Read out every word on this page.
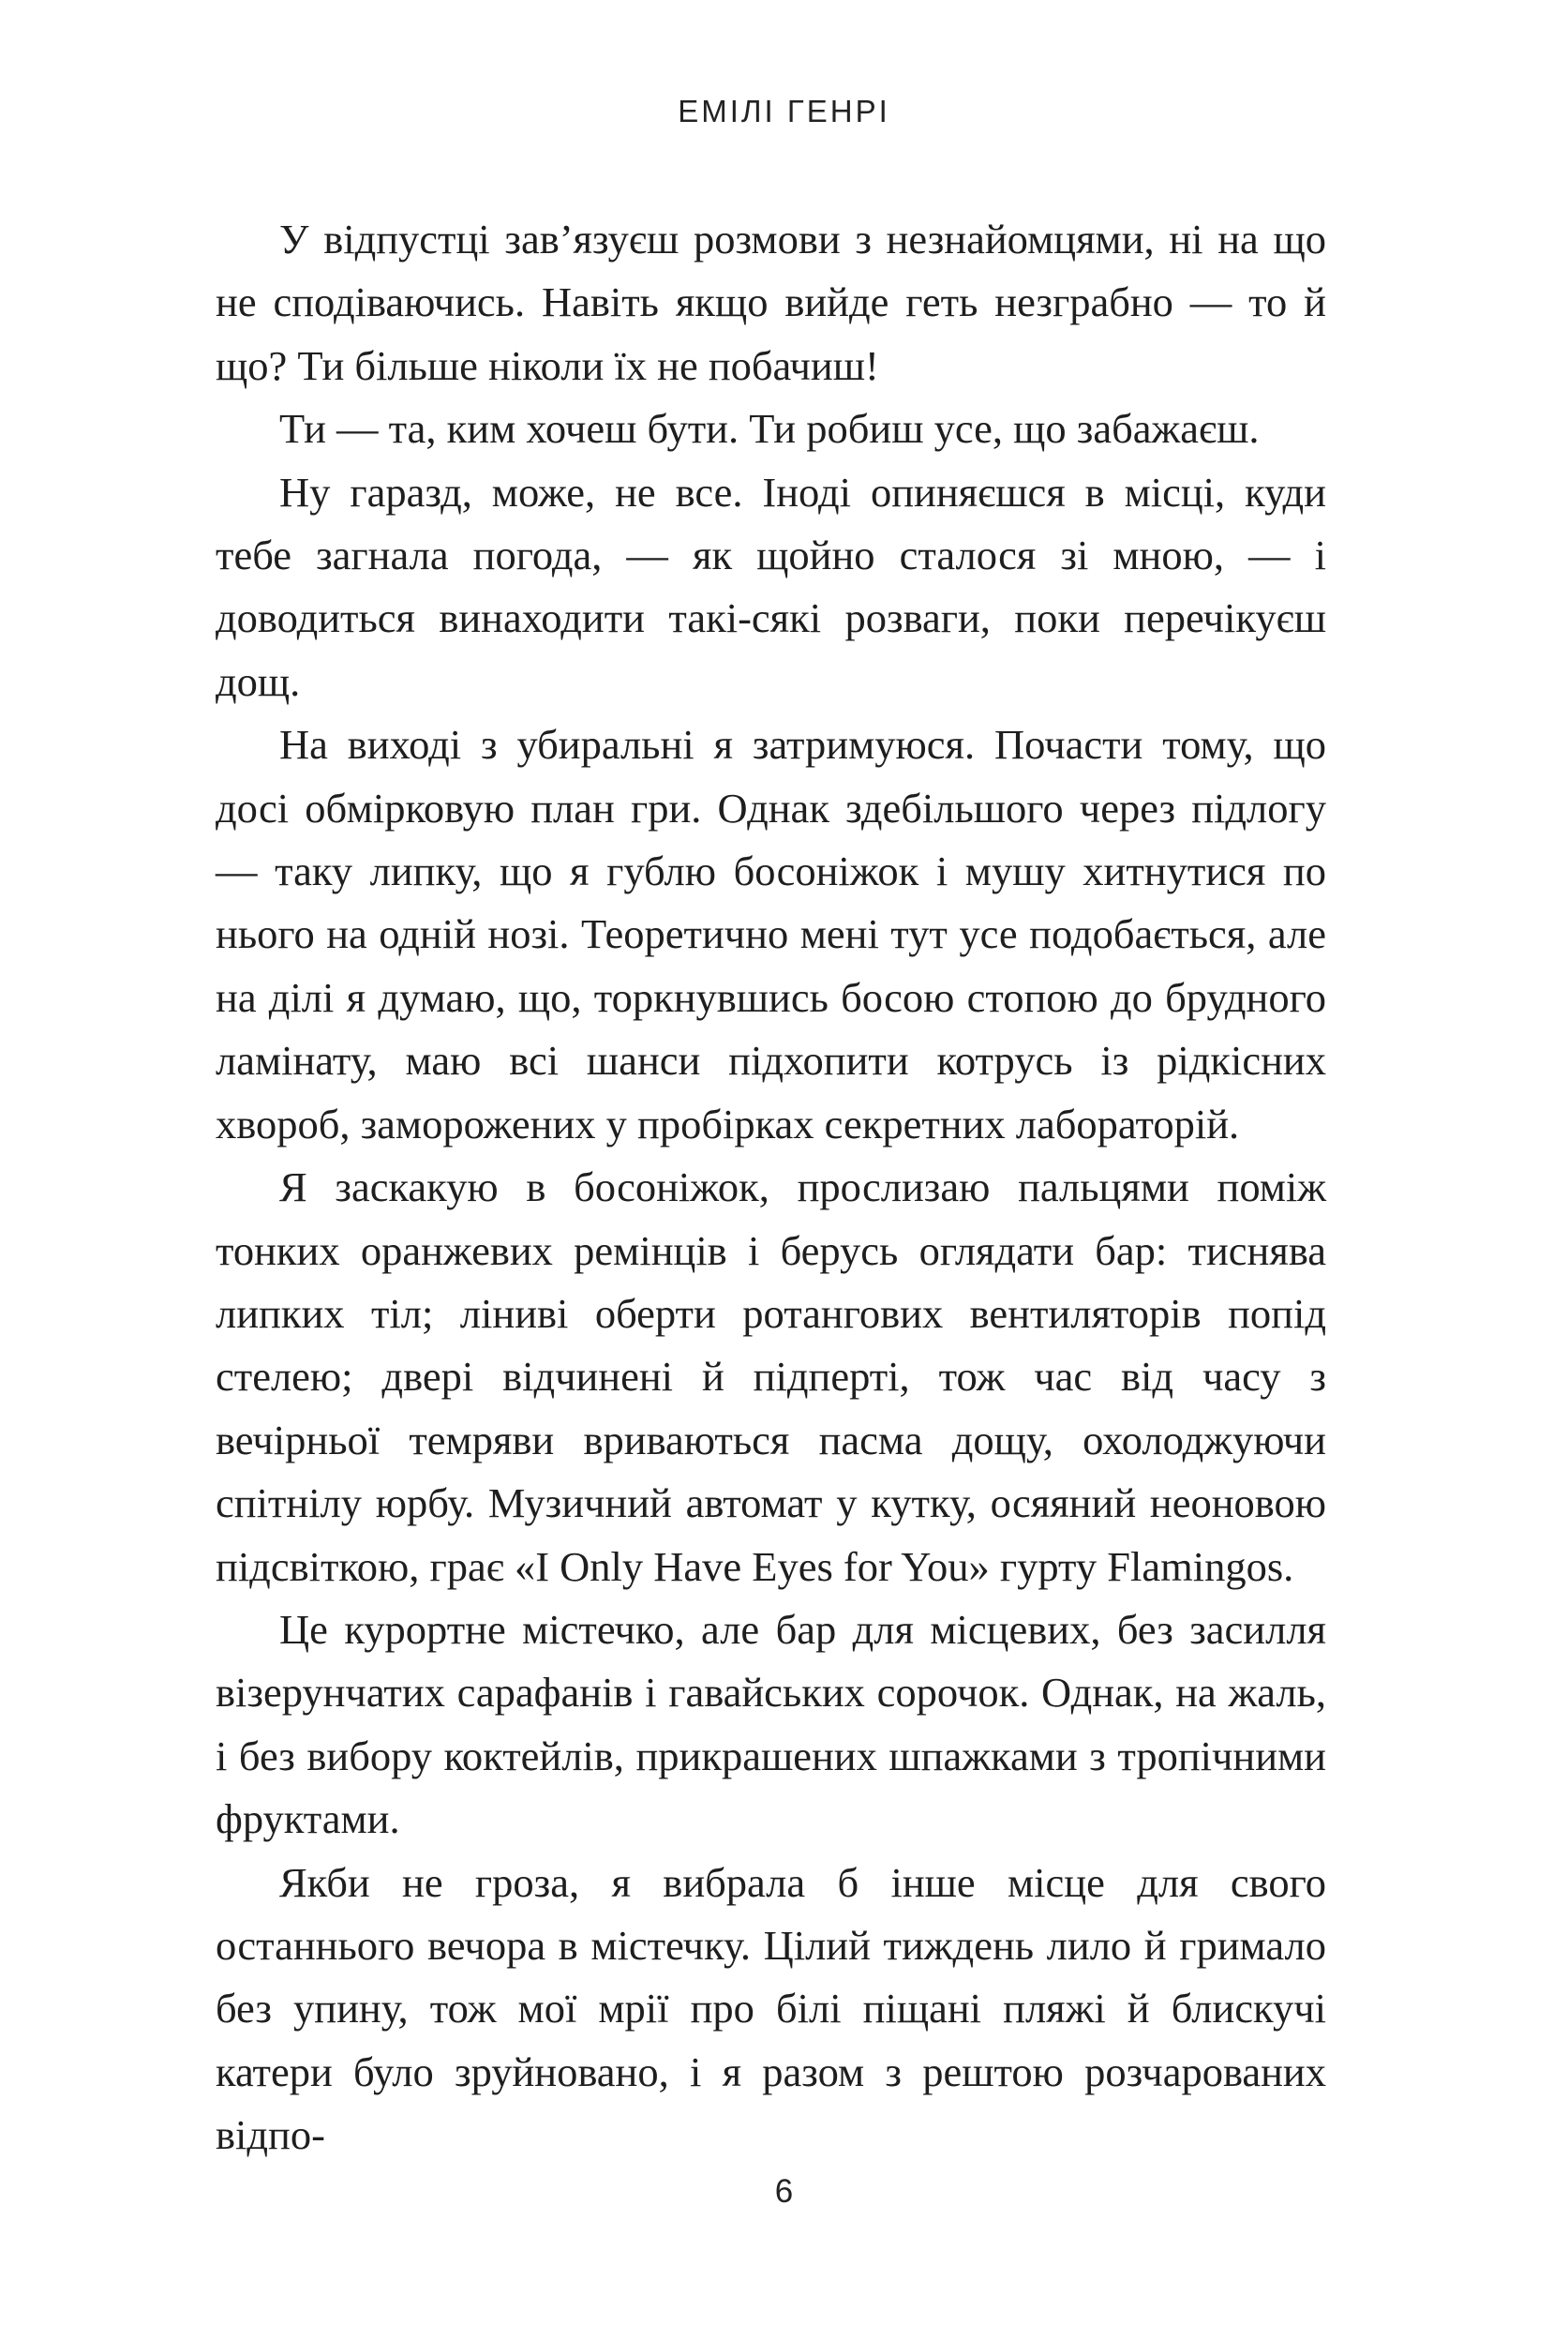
ЕМІЛІ ГЕНРІ

У відпустці зав’язуєш розмови з незнайомцями, ні на що не сподіваючись. Навіть якщо вийде геть незграбно — то й що? Ти більше ніколи їх не побачиш!

Ти — та, ким хочеш бути. Ти робиш усе, що забажаєш.

Ну гаразд, може, не все. Іноді опиняєшся в місці, куди тебе загнала погода, — як щойно сталося зі мною, — і доводиться винаходити такі-сякі розваги, поки перечікуєш дощ.

На виході з убиральні я затримуюся. Почасти тому, що досі обмірковую план гри. Однак здебільшого через підлогу — таку липку, що я гублю босоніжок і мушу хитнутися по нього на одній нозі. Теоретично мені тут усе подобається, але на ділі я думаю, що, торкнувшись босою стопою до брудного ламінату, маю всі шанси підхопити котрусь із рідкісних хвороб, заморожених у пробірках секретних лабораторій.

Я заскакую в босоніжок, прослизаю пальцями поміж тонких оранжевих ремінців і берусь оглядати бар: тиснява липких тіл; ліниві оберти ротангових вентиляторів попід стелею; двері відчинені й підперті, тож час від часу з вечірньої темряви вриваються пасма дощу, охолоджуючи спітнілу юрбу. Музичний автомат у кутку, осяяний неоновою підсвіткою, грає «I Only Have Eyes for You» гурту Flamingos.

Це курортне містечко, але бар для місцевих, без засилля візерунчатих сарафанів і гавайських сорочок. Однак, на жаль, і без вибору коктейлів, прикрашених шпажками з тропічними фруктами.

Якби не гроза, я вибрала б інше місце для свого останнього вечора в містечку. Цілий тиждень лило й гримало без упину, тож мої мрії про білі піщані пляжі й блискучі катери було зруйновано, і я разом з рештою розчарованих відпо-

6
